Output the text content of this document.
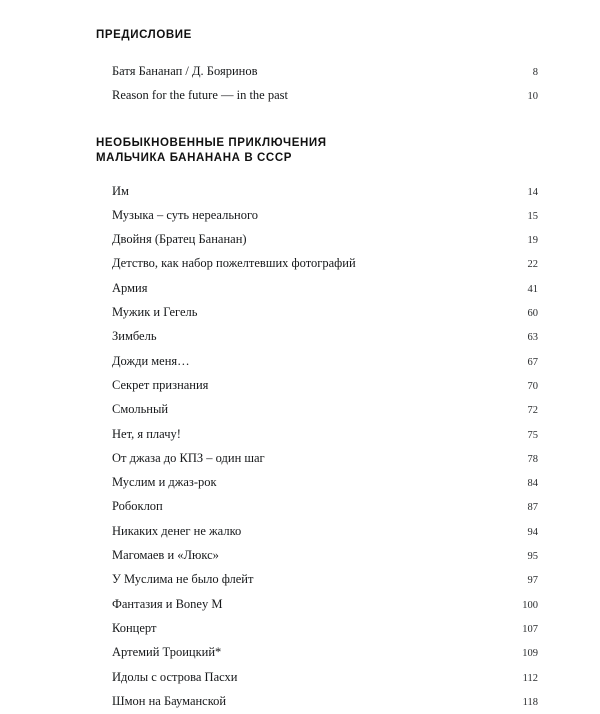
ПРЕДИСЛОВИЕ
Батя Бананап / Д. Бояринов	8
Reason for the future — in the past	10
НЕОБЫКНОВЕННЫЕ ПРИКЛЮЧЕНИЯ
МАЛЬЧИКА БАНАНАНА В СССР
Им	14
Музыка – суть нереального	15
Двойня (Братец Бананан)	19
Детство, как набор пожелтевших фотографий	22
Армия	41
Мужик и Гегель	60
Зимбель	63
Дожди меня…	67
Секрет признания	70
Смольный	72
Нет, я плачу!	75
От джаза до КПЗ – один шаг	78
Муслим и джаз-рок	84
Робоклоп	87
Никаких денег не жалко	94
Магомаев и «Люкс»	95
У Муслима не было флейт	97
Фантазия и Boney M	100
Концерт	107
Артемий Троицкий*	109
Идолы с острова Пасхи	112
Шмон на Бауманской	118
